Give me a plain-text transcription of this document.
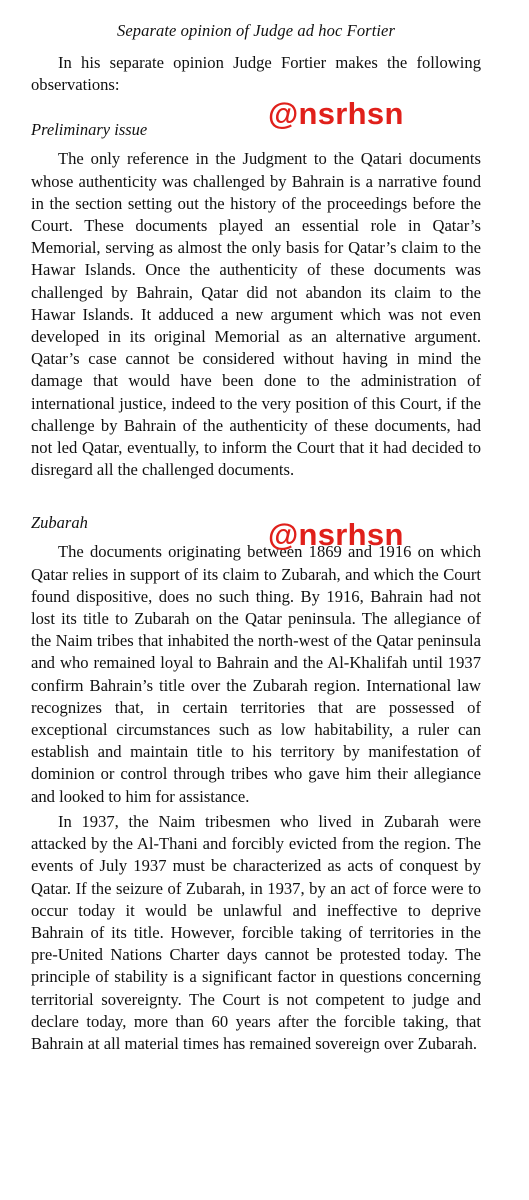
Separate opinion of Judge ad hoc Fortier

In his separate opinion Judge Fortier makes the following observations:

Preliminary issue

The only reference in the Judgment to the Qatari documents whose authenticity was challenged by Bahrain is a narrative found in the section setting out the history of the proceedings before the Court. These documents played an essential role in Qatar’s Memorial, serving as almost the only basis for Qatar’s claim to the Hawar Islands. Once the authenticity of these documents was challenged by Bahrain, Qatar did not abandon its claim to the Hawar Islands. It adduced a new argument which was not even developed in its original Memorial as an alternative argument. Qatar’s case cannot be considered without having in mind the damage that would have been done to the administration of international justice, indeed to the very position of this Court, if the challenge by Bahrain of the authenticity of these documents, had not led Qatar, eventually, to inform the Court that it had decided to disregard all the challenged documents.

Zubarah

The documents originating between 1869 and 1916 on which Qatar relies in support of its claim to Zubarah, and which the Court found dispositive, does no such thing. By 1916, Bahrain had not lost its title to Zubarah on the Qatar peninsula. The allegiance of the Naim tribes that inhabited the north-west of the Qatar peninsula and who remained loyal to Bahrain and the Al-Khalifah until 1937 confirm Bahrain’s title over the Zubarah region. International law recognizes that, in certain territories that are possessed of exceptional circumstances such as low habitability, a ruler can establish and maintain title to his territory by manifestation of dominion or control through tribes who gave him their allegiance and looked to him for assistance.

In 1937, the Naim tribesmen who lived in Zubarah were attacked by the Al-Thani and forcibly evicted from the region. The events of July 1937 must be characterized as acts of conquest by Qatar. If the seizure of Zubarah, in 1937, by an act of force were to occur today it would be unlawful and ineffective to deprive Bahrain of its title. However, forcible taking of territories in the pre-United Nations Charter days cannot be protested today. The principle of stability is a significant factor in questions concerning territorial sovereignty. The Court is not competent to judge and declare today, more than 60 years after the forcible taking, that Bahrain at all material times has remained sovereign over Zubarah.

@nsrhsn
@nsrhsn
